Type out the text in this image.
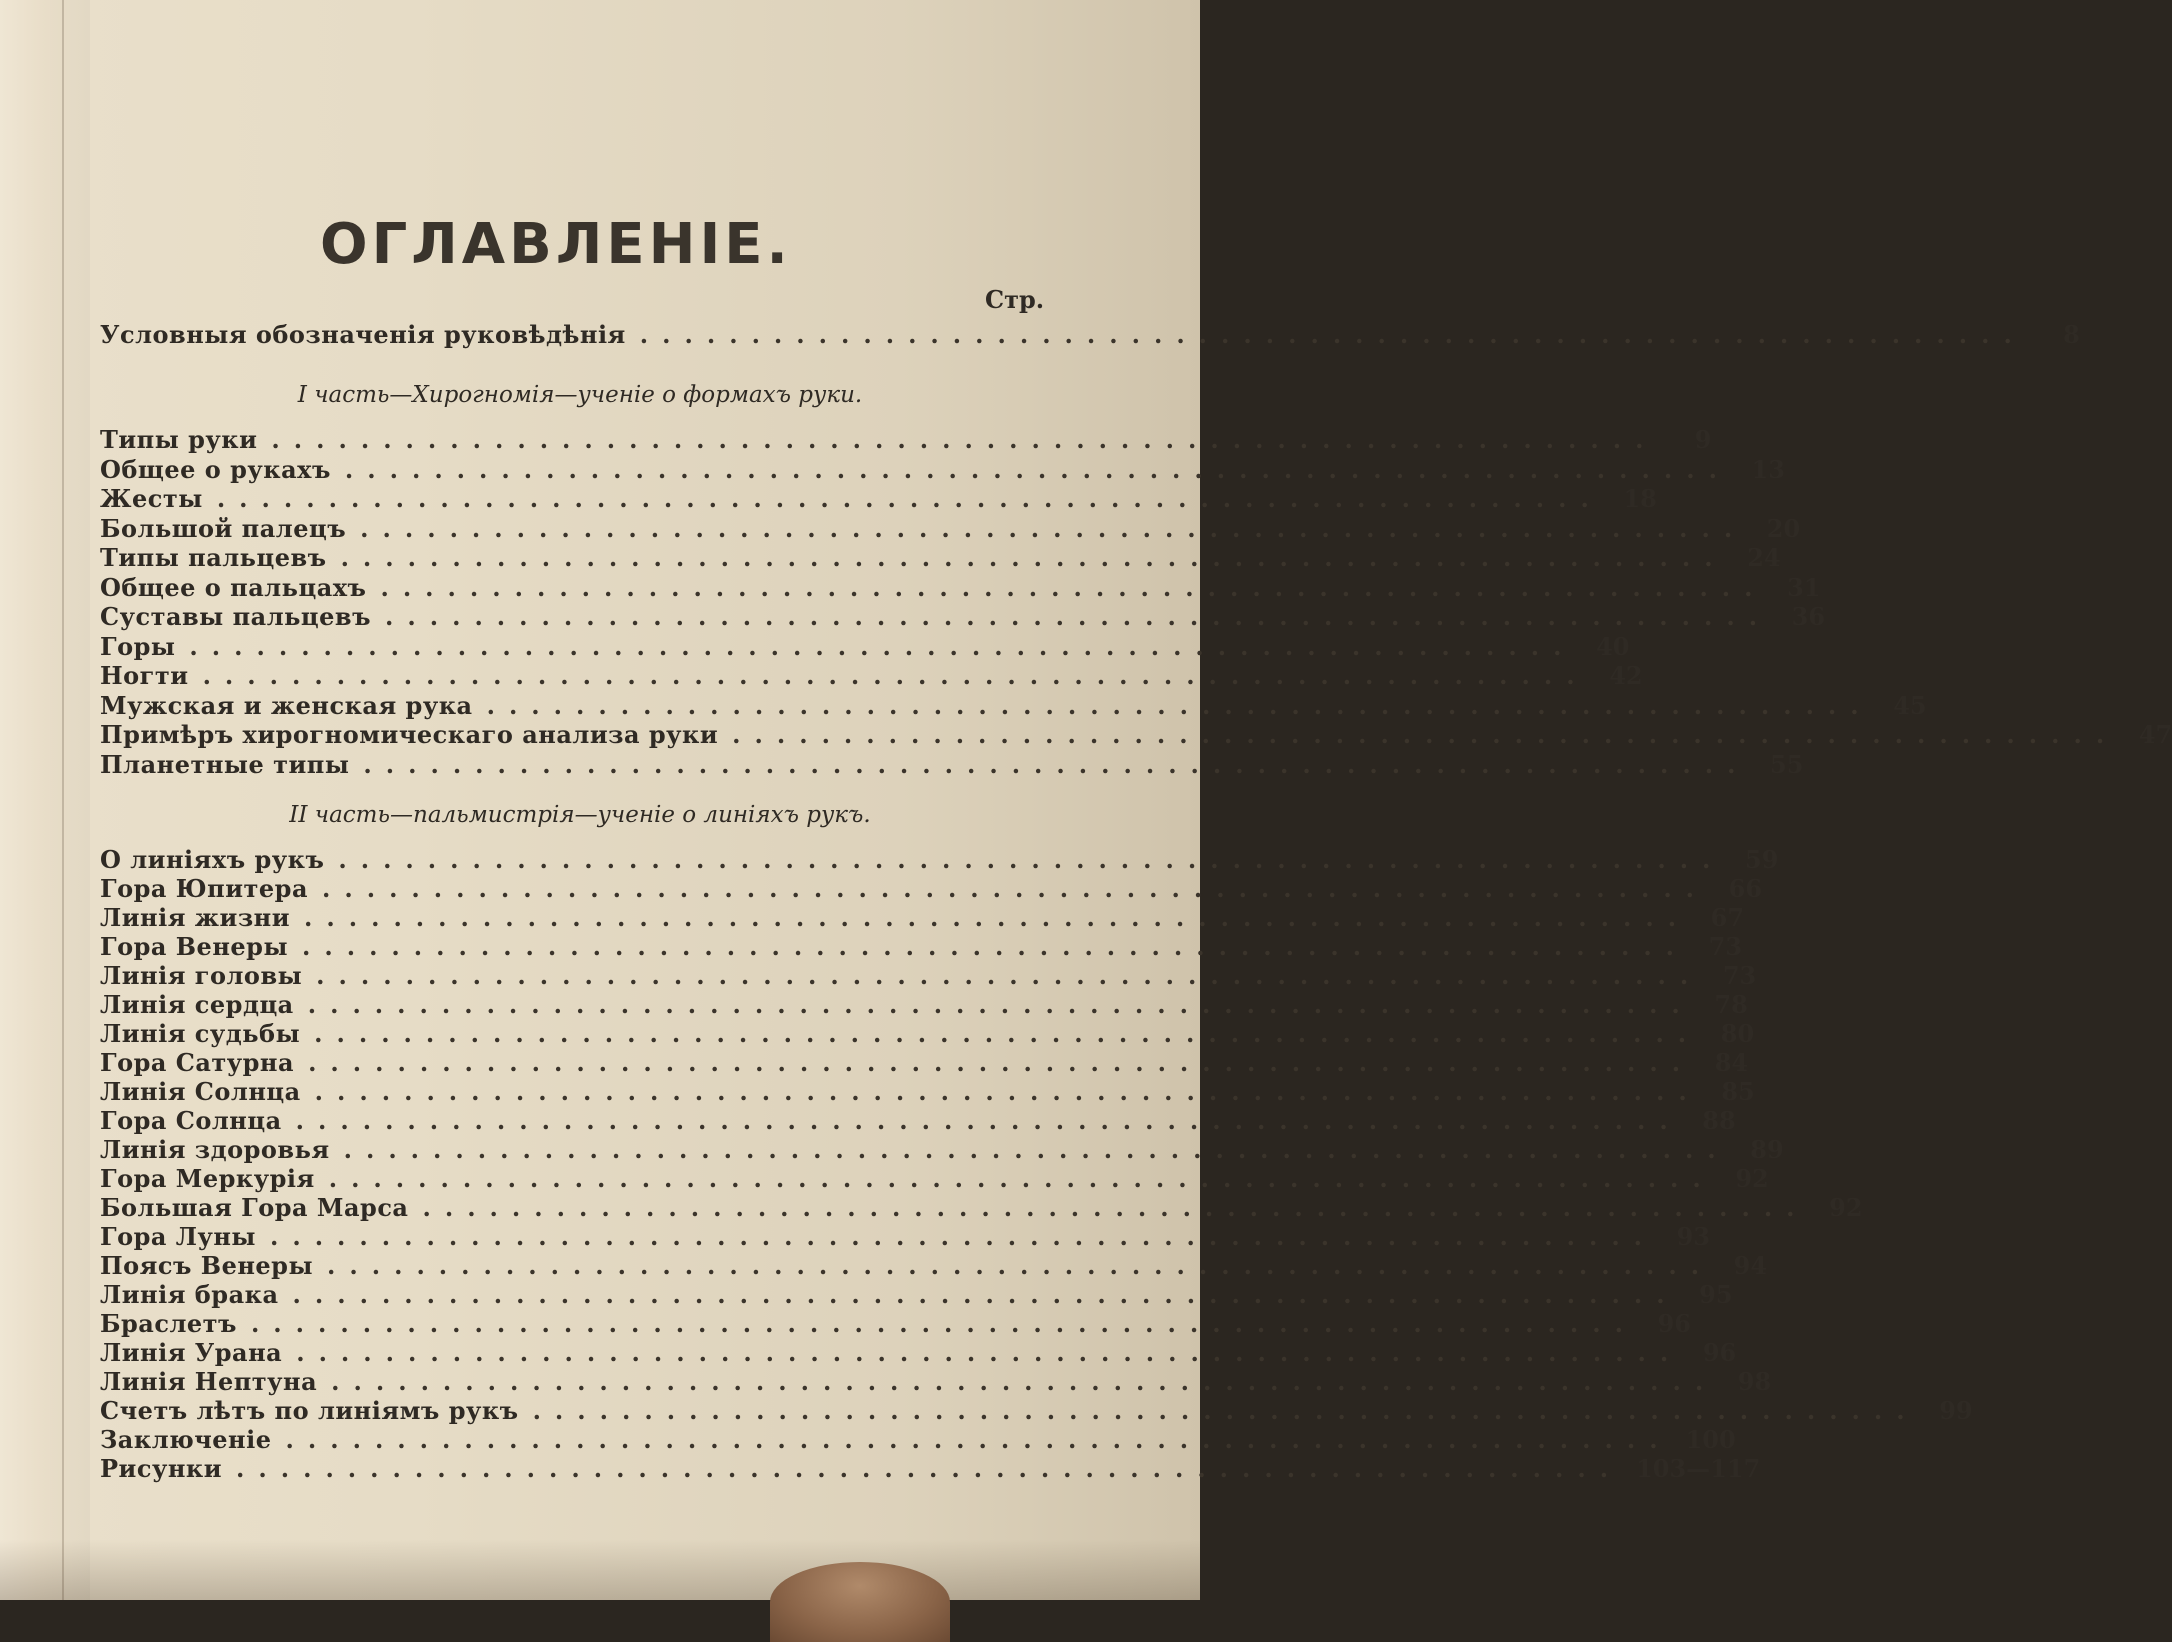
ОГЛАВЛЕНІЕ.
Стр.
Условныя обозначенія руковѣдѣнія ..............................................................	8
I часть—Хирогномія—ученіе о формахъ руки.
Типы руки ..............................................................	9
Общее о рукахъ .............................................................. 13
Жесты .............................................................. 18
Большой палецъ .............................................................. 20
Типы пальцевъ .............................................................. 24
Общее о пальцахъ .............................................................. 31
Суставы пальцевъ .............................................................. 36
Горы .............................................................. 40
Ногти .............................................................. 42
Мужская и женская рука .............................................................. 45
Примѣръ хирогномическаго анализа руки .............................................................. 47
Планетные типы .............................................................. 55
II часть—пальмистрія—ученіе о линіяхъ рукъ.
О линіяхъ рукъ .............................................................. 59
Гора Юпитера .............................................................. 66
Линія жизни .............................................................. 67
Гора Венеры .............................................................. 73
Линія головы .............................................................. 73
Линія сердца .............................................................. 78
Линія судьбы .............................................................. 80
Гора Сатурна .............................................................. 84
Линія Солнца .............................................................. 85
Гора Солнца .............................................................. 88
Линія здоровья .............................................................. 89
Гора Меркурія .............................................................. 92
Большая Гора Марса .............................................................. 92
Гора Луны .............................................................. 93
Поясъ Венеры .............................................................. 94
Линія брака .............................................................. 95
Браслетъ .............................................................. 96
Линія Урана .............................................................. 96
Линія Нептуна .............................................................. 98
Счетъ лѣтъ по линіямъ рукъ .............................................................. 99
Заключеніе .............................................................. 100
Рисунки .............................................................. 103—117
